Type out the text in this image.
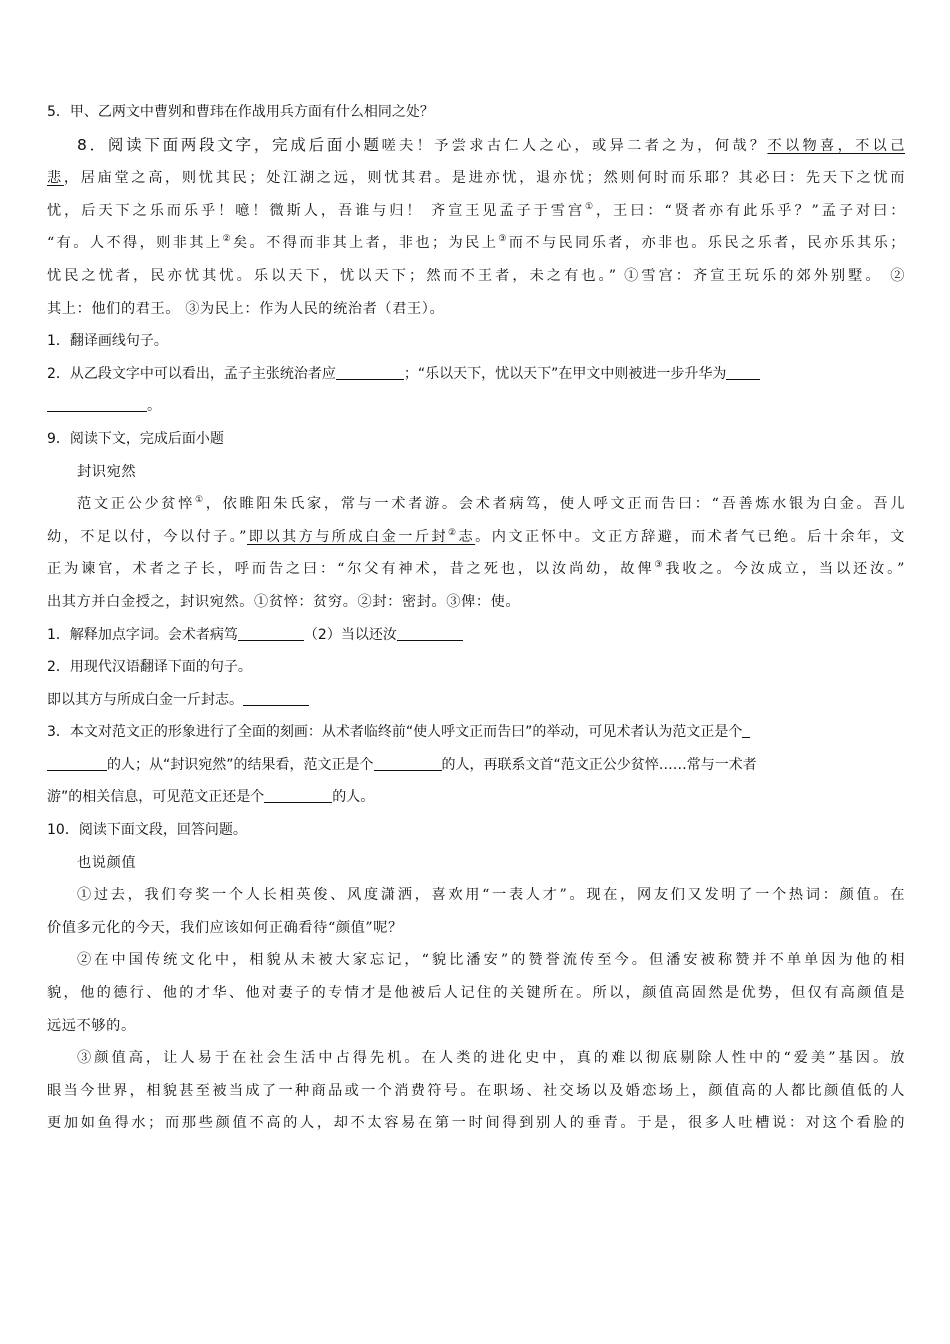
5．甲、乙两文中曹刿和曹玮在作战用兵方面有什么相同之处？
8．阅读下面两段文字，完成后面小题嗟夫！予尝求古仁人之心，或异二者之为，何哉？不以物喜，不以己
悲，居庙堂之高，则忧其民；处江湖之远，则忧其君。是进亦忧，退亦忧；然则何时而乐耶？其必曰：先天下之忧而
忧，后天下之乐而乐乎！噫！微斯人，吾谁与归！ 齐宣王见孟子于雪宫①，王曰：“贤者亦有此乐乎？”孟子对曰：
“有。人不得，则非其上②矣。不得而非其上者，非也；为民上③而不与民同乐者，亦非也。乐民之乐者，民亦乐其乐；
忧民之忧者，民亦忧其忧。乐以天下，忧以天下；然而不王者，未之有也。” ①雪宫：齐宣王玩乐的郊外别墅。 ②
其上：他们的君王。 ③为民上：作为人民的统治者（君王）。
1．翻译画线句子。
2．从乙段文字中可以看出，孟子主张统治者应	；“乐以天下，忧以天下”在甲文中则被进一步升华为
。
9．阅读下文，完成后面小题
封识宛然
范文正公少贫悴①，依睢阳朱氏家，常与一术者游。会术者病笃，使人呼文正而告曰：“吾善炼水银为白金。吾儿
幼，不足以付，今以付子。”即以其方与所成白金一斤封②志。内文正怀中。文正方辞避，而术者气已绝。后十余年，文
正为谏官，术者之子长，呼而告之曰：“尔父有神术，昔之死也，以汝尚幼，故俾③我收之。今汝成立，当以还汝。”
出其方并白金授之，封识宛然。①贫悴：贫穷。②封：密封。③俾：使。
1．解释加点字词。会术者病笃	（2）当以还汝
2．用现代汉语翻译下面的句子。
即以其方与所成白金一斤封志。
3．本文对范文正的形象进行了全面的刻画：从术者临终前“使人呼文正而告曰”的举动，可见术者认为范文正是个
的人；从“封识宛然”的结果看，范文正是个	的人，再联系文首“范文正公少贫悴……常与一术者
游”的相关信息，可见范文正还是个	的人。
10．阅读下面文段，回答问题。
也说颜值
①过去，我们夸奖一个人长相英俊、风度潇洒，喜欢用“一表人才”。现在，网友们又发明了一个热词：颜值。在
价值多元化的今天，我们应该如何正确看待“颜值”呢？
②在中国传统文化中，相貌从未被大家忘记，“貌比潘安”的赞誉流传至今。但潘安被称赞并不单单因为他的相
貌，他的德行、他的才华、他对妻子的专情才是他被后人记住的关键所在。所以，颜值高固然是优势，但仅有高颜值是
远远不够的。
③颜值高，让人易于在社会生活中占得先机。在人类的进化史中，真的难以彻底剔除人性中的“爱美”基因。放
眼当今世界，相貌甚至被当成了一种商品或一个消费符号。在职场、社交场以及婚恋场上，颜值高的人都比颜值低的人
更加如鱼得水；而那些颜值不高的人，却不太容易在第一时间得到别人的垂青。于是，很多人吐槽说：对这个看脸的
